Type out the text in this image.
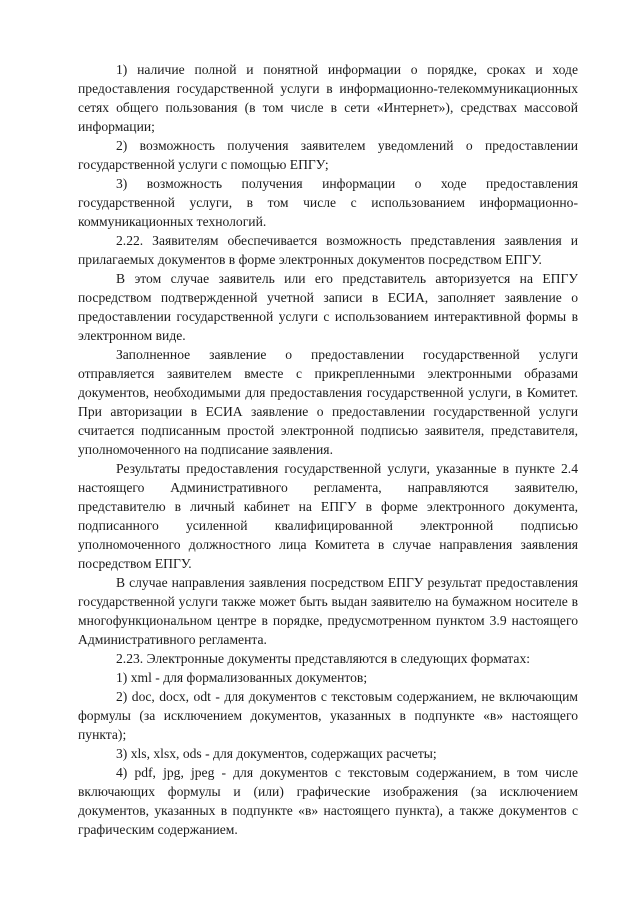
1) наличие полной и понятной информации о порядке, сроках и ходе предоставления государственной услуги в информационно-телекоммуникационных сетях общего пользования (в том числе в сети «Интернет»), средствах массовой информации;

2) возможность получения заявителем уведомлений о предоставлении государственной услуги с помощью ЕПГУ;

3) возможность получения информации о ходе предоставления государственной услуги, в том числе с использованием информационно-коммуникационных технологий.

2.22. Заявителям обеспечивается возможность представления заявления и прилагаемых документов в форме электронных документов посредством ЕПГУ.

В этом случае заявитель или его представитель авторизуется на ЕПГУ посредством подтвержденной учетной записи в ЕСИА, заполняет заявление о предоставлении государственной услуги с использованием интерактивной формы в электронном виде.

Заполненное заявление о предоставлении государственной услуги отправляется заявителем вместе с прикрепленными электронными образами документов, необходимыми для предоставления государственной услуги, в Комитет. При авторизации в ЕСИА заявление о предоставлении государственной услуги считается подписанным простой электронной подписью заявителя, представителя, уполномоченного на подписание заявления.

Результаты предоставления государственной услуги, указанные в пункте 2.4 настоящего Административного регламента, направляются заявителю, представителю в личный кабинет на ЕПГУ в форме электронного документа, подписанного усиленной квалифицированной электронной подписью уполномоченного должностного лица Комитета в случае направления заявления посредством ЕПГУ.

В случае направления заявления посредством ЕПГУ результат предоставления государственной услуги также может быть выдан заявителю на бумажном носителе в многофункциональном центре в порядке, предусмотренном пунктом 3.9 настоящего Административного регламента.

2.23. Электронные документы представляются в следующих форматах:

1) xml - для формализованных документов;

2) doc, docx, odt - для документов с текстовым содержанием, не включающим формулы (за исключением документов, указанных в подпункте «в» настоящего пункта);

3) xls, xlsx, ods - для документов, содержащих расчеты;

4) pdf, jpg, jpeg - для документов с текстовым содержанием, в том числе включающих формулы и (или) графические изображения (за исключением документов, указанных в подпункте «в» настоящего пункта), а также документов с графическим содержанием.
